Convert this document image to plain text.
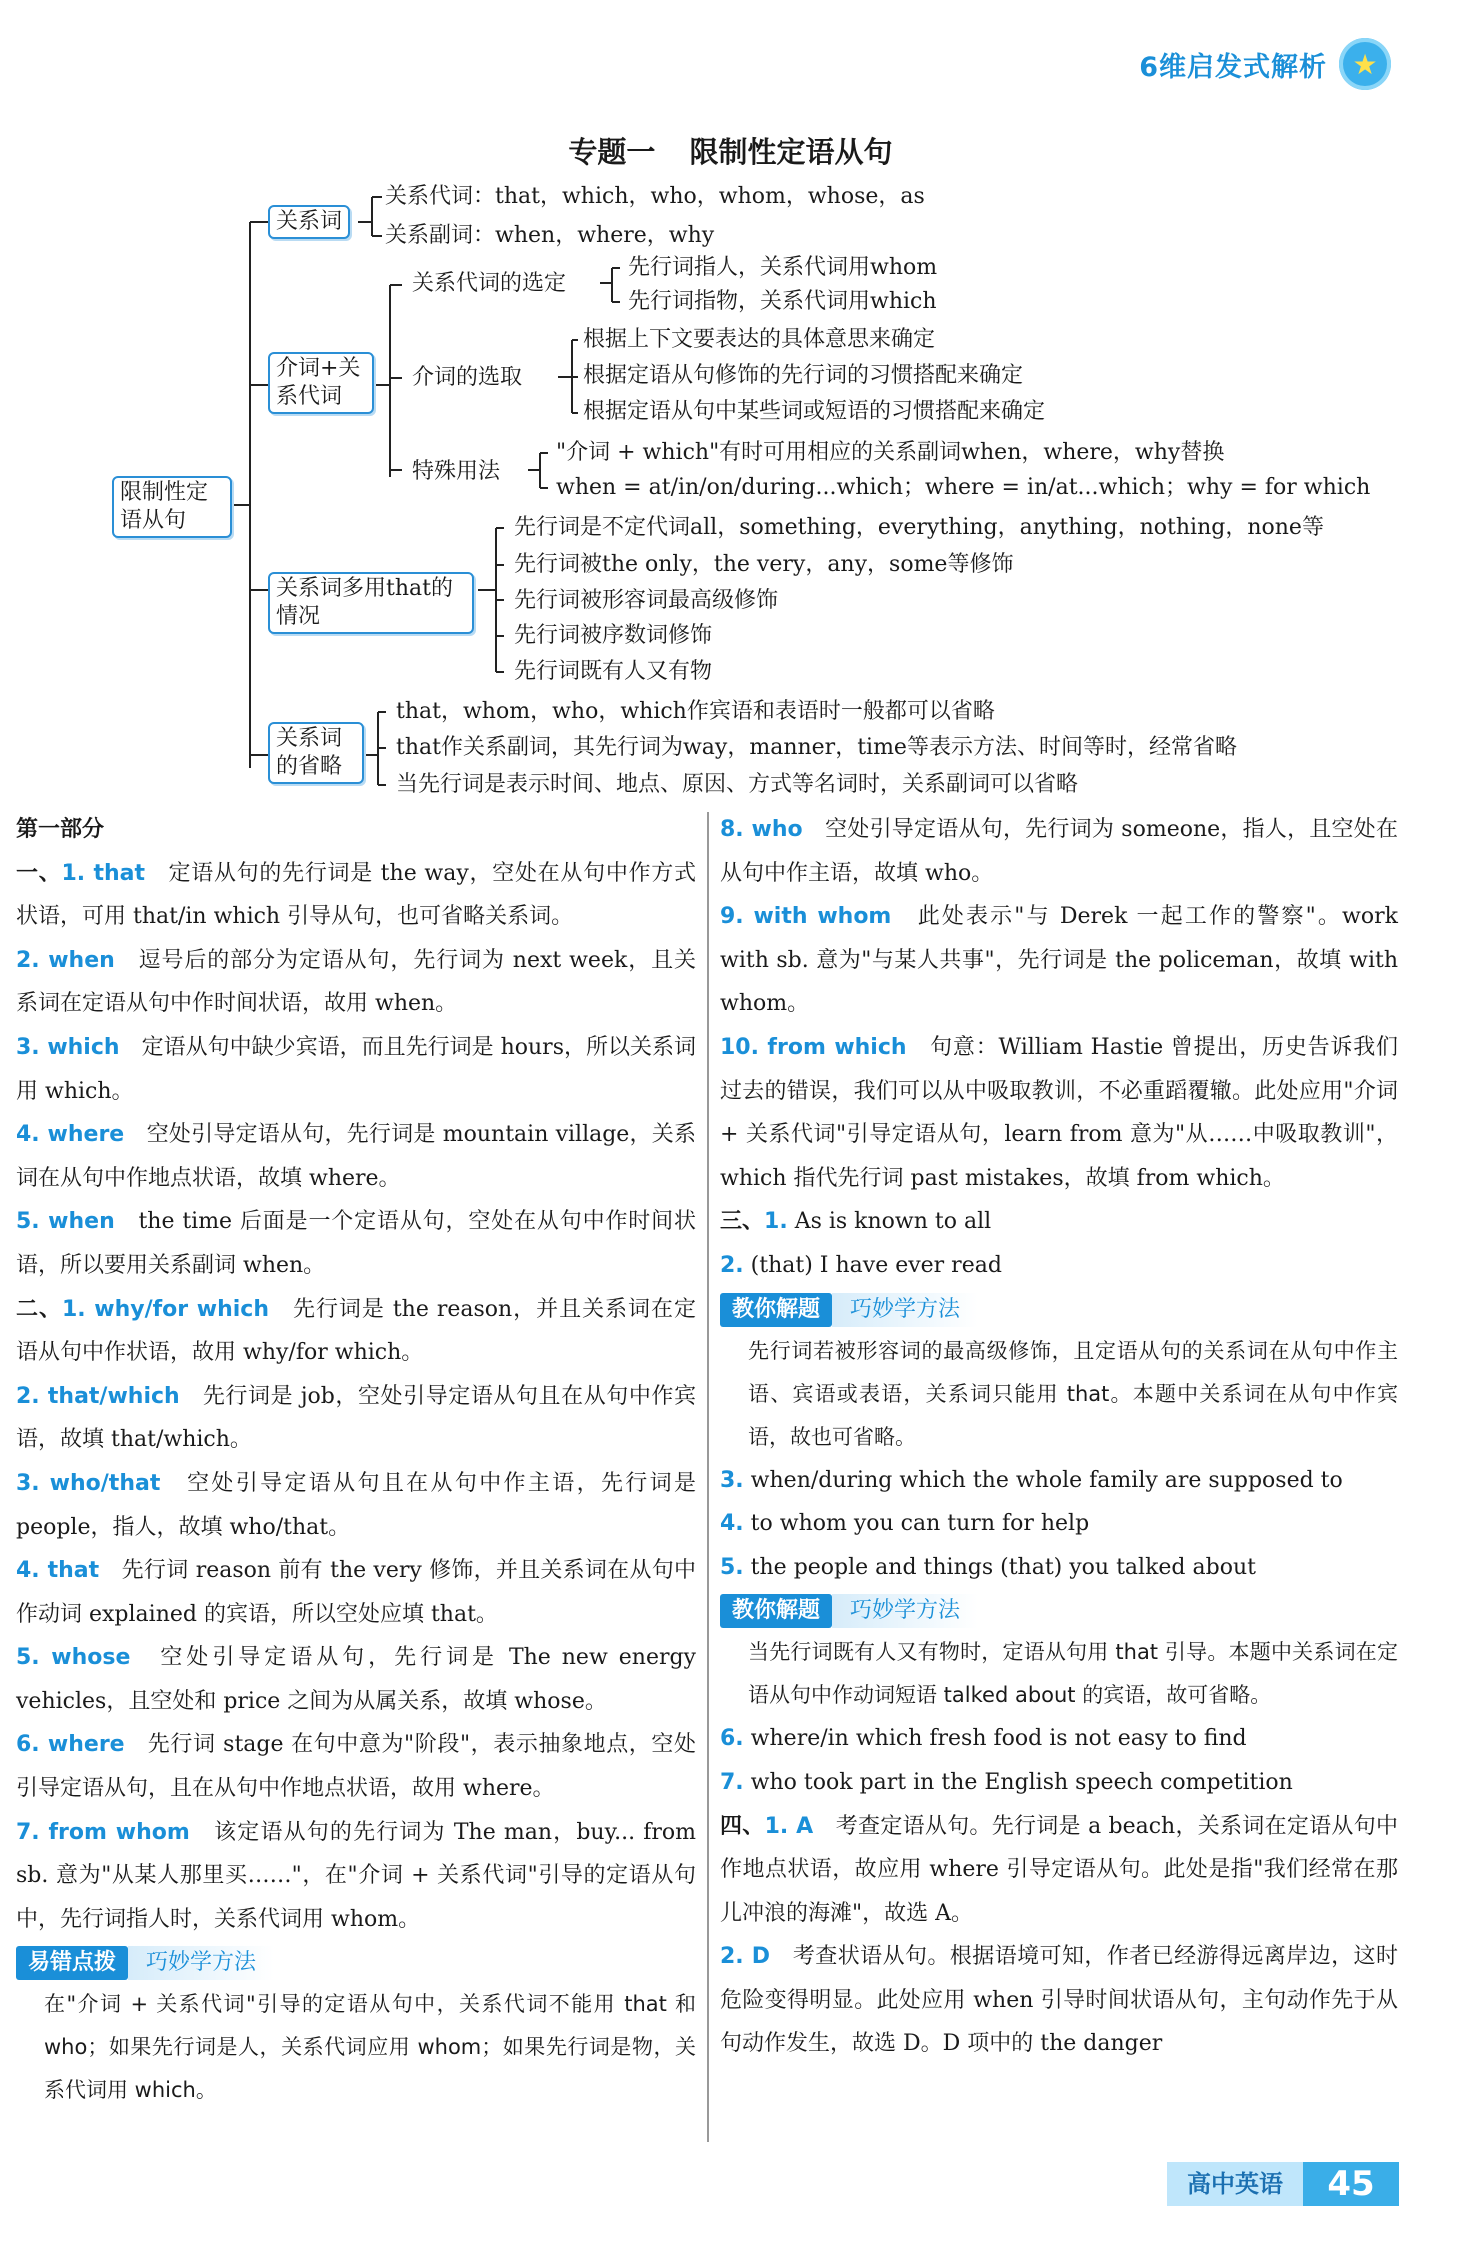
6维启发式解析 ★
专题一 限制性定语从句
限制性定语从句
关系词
关系代词：that，which，who，whom，whose，as
关系副词：when，where，why
介词+关系代词
关系代词的选定
先行词指人，关系代词用whom
先行词指物，关系代词用which
介词的选取
根据上下文要表达的具体意思来确定
根据定语从句修饰的先行词的习惯搭配来确定
根据定语从句中某些词或短语的习惯搭配来确定
特殊用法
"介词 + which"有时可用相应的关系副词when，where，why替换
when = at/in/on/during...which；where = in/at...which；why = for which
关系词多用that的情况
先行词是不定代词all，something，everything，anything，nothing，none等
先行词被the only，the very，any，some等修饰
先行词被形容词最高级修饰
先行词被序数词修饰
先行词既有人又有物
关系词的省略
that，whom，who，which作宾语和表语时一般都可以省略
that作关系副词，其先行词为way，manner，time等表示方法、时间等时，经常省略
当先行词是表示时间、地点、原因、方式等名词时，关系副词可以省略

第一部分

一、1. that　 定语从句的先行词是 the way，空处在从句中作方式状语，可用 that/in which 引导从句，也可省略关系词。

2. when　 逗号后的部分为定语从句，先行词为 next week，且关系词在定语从句中作时间状语，故用 when。

3. which　 定语从句中缺少宾语，而且先行词是 hours，所以关系词用 which。

4. where　 空处引导定语从句，先行词是 mountain village，关系词在从句中作地点状语，故填 where。

5. when　 the time 后面是一个定语从句，空处在从句中作时间状语，所以要用关系副词 when。

二、1. why/for which　 先行词是 the reason，并且关系词在定语从句中作状语，故用 why/for which。

2. that/which　 先行词是 job，空处引导定语从句且在从句中作宾语，故填 that/which。

3. who/that　 空处引导定语从句且在从句中作主语，先行词是 people，指人，故填 who/that。

4. that　 先行词 reason 前有 the very 修饰，并且关系词在从句中作动词 explained 的宾语，所以空处应填 that。

5. whose　 空处引导定语从句，先行词是 The new energy vehicles，且空处和 price 之间为从属关系，故填 whose。

6. where　 先行词 stage 在句中意为"阶段"，表示抽象地点，空处引导定语从句，且在从句中作地点状语，故用 where。

7. from whom　 该定语从句的先行词为 The man，buy... from sb. 意为"从某人那里买……"，在"介词 + 关系代词"引导的定语从句中，先行词指人时，关系代词用 whom。

易错点拨	巧妙学方法

在"介词 + 关系代词"引导的定语从句中，关系代词不能用 that 和 who；如果先行词是人，关系代词应用 whom；如果先行词是物，关系代词用 which。

8. who　 空处引导定语从句，先行词为 someone，指人，且空处在从句中作主语，故填 who。

9. with whom　 此处表示"与 Derek 一起工作的警察"。work with sb. 意为"与某人共事"，先行词是 the policeman，故填 with whom。

10. from which　 句意：William Hastie 曾提出，历史告诉我们过去的错误，我们可以从中吸取教训，不必重蹈覆辙。此处应用"介词 + 关系代词"引导定语从句，learn from 意为"从……中吸取教训"，which 指代先行词 past mistakes，故填 from which。

三、1. As is known to all

2. (that) I have ever read

教你解题	巧妙学方法

先行词若被形容词的最高级修饰，且定语从句的关系词在从句中作主语、宾语或表语，关系词只能用 that。本题中关系词在从句中作宾语，故也可省略。

3. when/during which the whole family are supposed to

4. to whom you can turn for help

5. the people and things (that) you talked about

教你解题	巧妙学方法

当先行词既有人又有物时，定语从句用 that 引导。本题中关系词在定语从句中作动词短语 talked about 的宾语，故可省略。

6. where/in which fresh food is not easy to find

7. who took part in the English speech competition

四、1. A　 考查定语从句。先行词是 a beach，关系词在定语从句中作地点状语，故应用 where 引导定语从句。此处是指"我们经常在那儿冲浪的海滩"，故选 A。

2. D　 考查状语从句。根据语境可知，作者已经游得远离岸边，这时危险变得明显。此处应用 when 引导时间状语从句，主句动作先于从句动作发生，故选 D。D 项中的 the danger

高中英语	45
